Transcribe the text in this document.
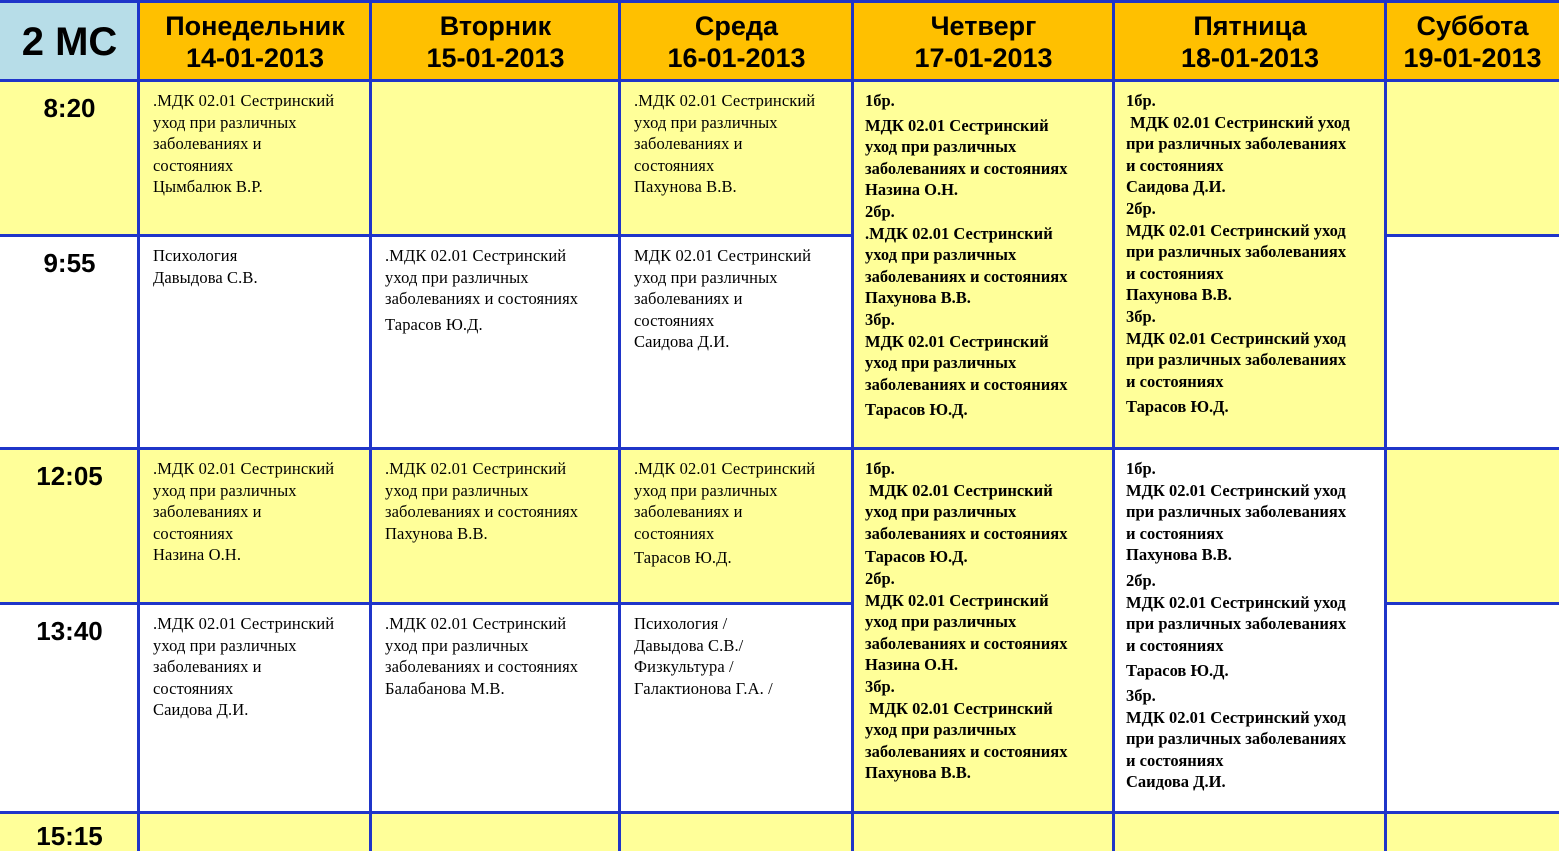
2 МС Понедельник
14-01-2013
Вторник
15-01-2013
Среда
16-01-2013
Четверг
17-01-2013
Пятница
18-01-2013
Суббота
19-01-2013
8:20
9:55
12:05
13:40
15:15
.МДК 02.01 Сестринский
уход при различных
заболеваниях и
состояниях
Цымбалюк В.Р.
Психология
Давыдова С.В.
.МДК 02.01 Сестринский
уход при различных
заболеваниях и
состояниях
Назина О.Н.
.МДК 02.01 Сестринский
уход при различных
заболеваниях и
состояниях
Саидова Д.И.
.МДК 02.01 Сестринский
уход при различных
заболеваниях и состояниях
Тарасов Ю.Д.
.МДК 02.01 Сестринский
уход при различных
заболеваниях и состояниях
Пахунова В.В.
.МДК 02.01 Сестринский
уход при различных
заболеваниях и состояниях
Балабанова М.В.
.МДК 02.01 Сестринский
уход при различных
заболеваниях и
состояниях
Пахунова В.В.
МДК 02.01 Сестринский
уход при различных
заболеваниях и
состояниях
Саидова Д.И.
.МДК 02.01 Сестринский
уход при различных
заболеваниях и
состояниях
Тарасов Ю.Д.
Психология /
Давыдова С.В./
Физкультура /
Галактионова Г.А. /
1бр.
МДК 02.01 Сестринский
уход при различных
заболеваниях и состояниях
Назина О.Н.
2бр.
.МДК 02.01 Сестринский
уход при различных
заболеваниях и состояниях
Пахунова В.В.
3бр.
МДК 02.01 Сестринский
уход при различных
заболеваниях и состояниях
Тарасов Ю.Д.
1бр.
МДК 02.01 Сестринский
уход при различных
заболеваниях и состояниях
Тарасов Ю.Д.
2бр.
МДК 02.01 Сестринский
уход при различных
заболеваниях и состояниях
Назина О.Н.
3бр.
МДК 02.01 Сестринский
уход при различных
заболеваниях и состояниях
Пахунова В.В.
1бр.
МДК 02.01 Сестринский уход
при различных заболеваниях
и состояниях
Саидова Д.И.
2бр.
МДК 02.01 Сестринский уход
при различных заболеваниях
и состояниях
Пахунова В.В.
3бр.
МДК 02.01 Сестринский уход
при различных заболеваниях
и состояниях
Тарасов Ю.Д.
1бр.
МДК 02.01 Сестринский уход
при различных заболеваниях
и состояниях
Пахунова В.В.
2бр.
МДК 02.01 Сестринский уход
при различных заболеваниях
и состояниях
Тарасов Ю.Д.
3бр.
МДК 02.01 Сестринский уход
при различных заболеваниях
и состояниях
Саидова Д.И.
